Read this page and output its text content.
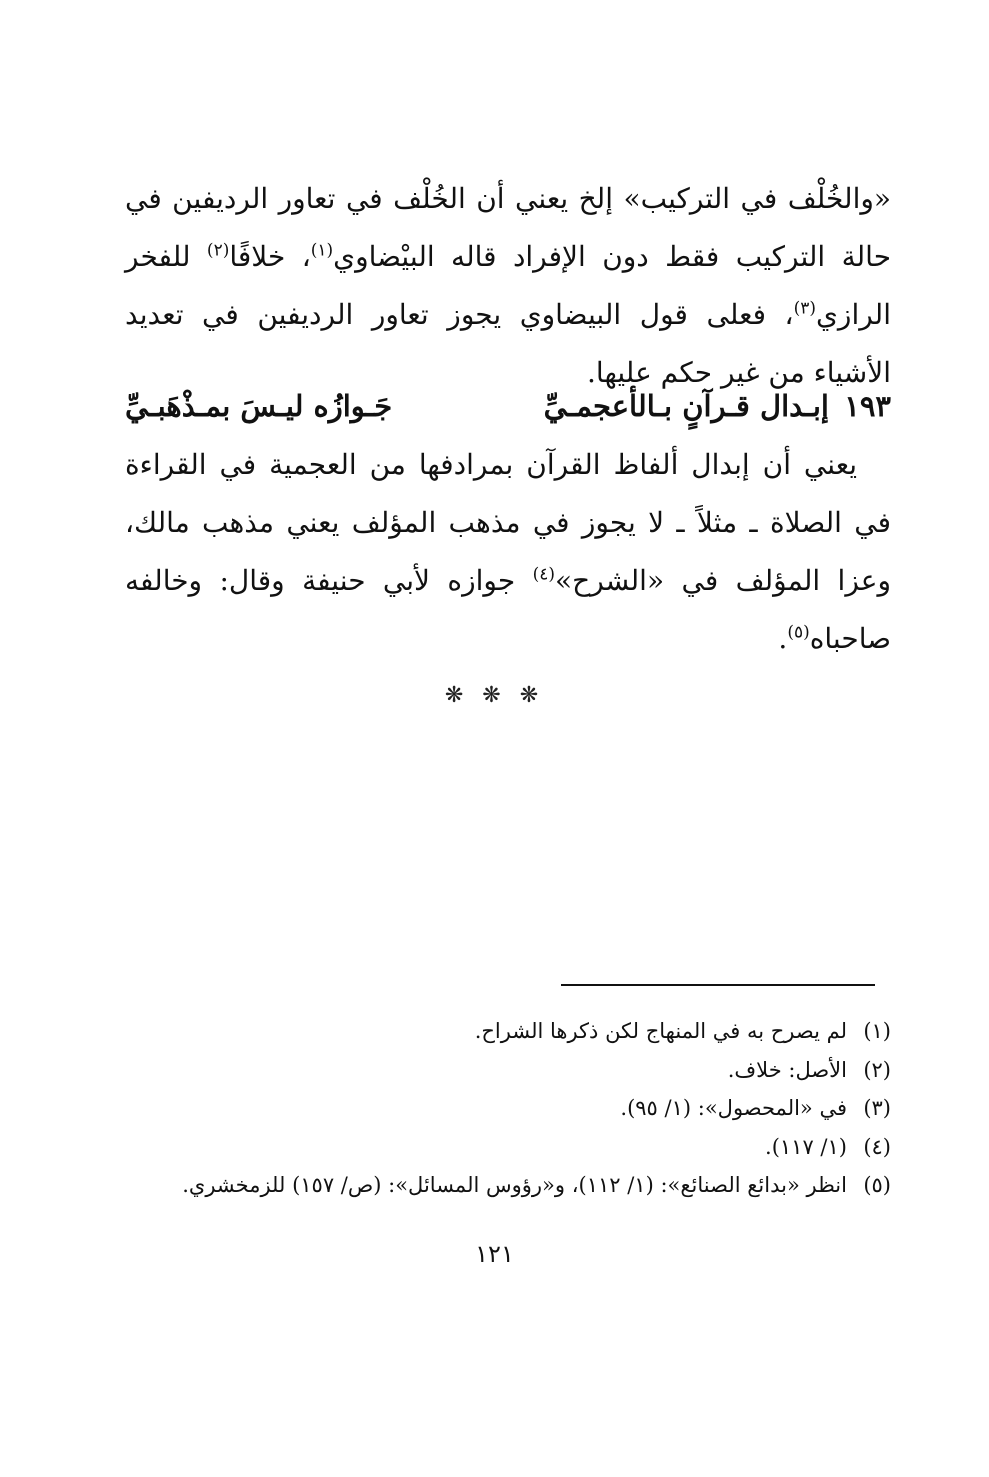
«والخُلْف في التركيب» إلخ يعني أن الخُلْف في تعاور الرديفين في حالة التركيب فقط دون الإفراد قاله البيْضاوي$^{(١)}$، خلافًا$^{(٢)}$ للفخر الرازي$^{(٣)}$، فعلى قول البيضاوي يجوز تعاور الرديفين في تعديد الأشياء من غير حكم عليها.
١٩٣
إبـدال قـرآنٍ بـالأعجمـيِّ
جَـوازُه ليـسَ بمـذْهَبـيِّ
يعني أن إبدال ألفاظ القرآن بمرادفها من العجمية في القراءة في الصلاة ـ مثلاً ـ لا يجوز في مذهب المؤلف يعني مذهب مالك، وعزا المؤلف في «الشرح»$^{(٤)}$ جوازه لأبي حنيفة وقال: وخالفه صاحباه$^{(٥)}$.
❋ ❋ ❋
(١)لم يصرح به في المنهاج لكن ذكرها الشراح.
(٢)الأصل: خلاف.
(٣)في «المحصول»: (١/ ٩٥).
(٤)(١/ ١١٧).
(٥)انظر «بدائع الصنائع»: (١/ ١١٢)، و«رؤوس المسائل»: (ص/ ١٥٧) للزمخشري.
١٢١
